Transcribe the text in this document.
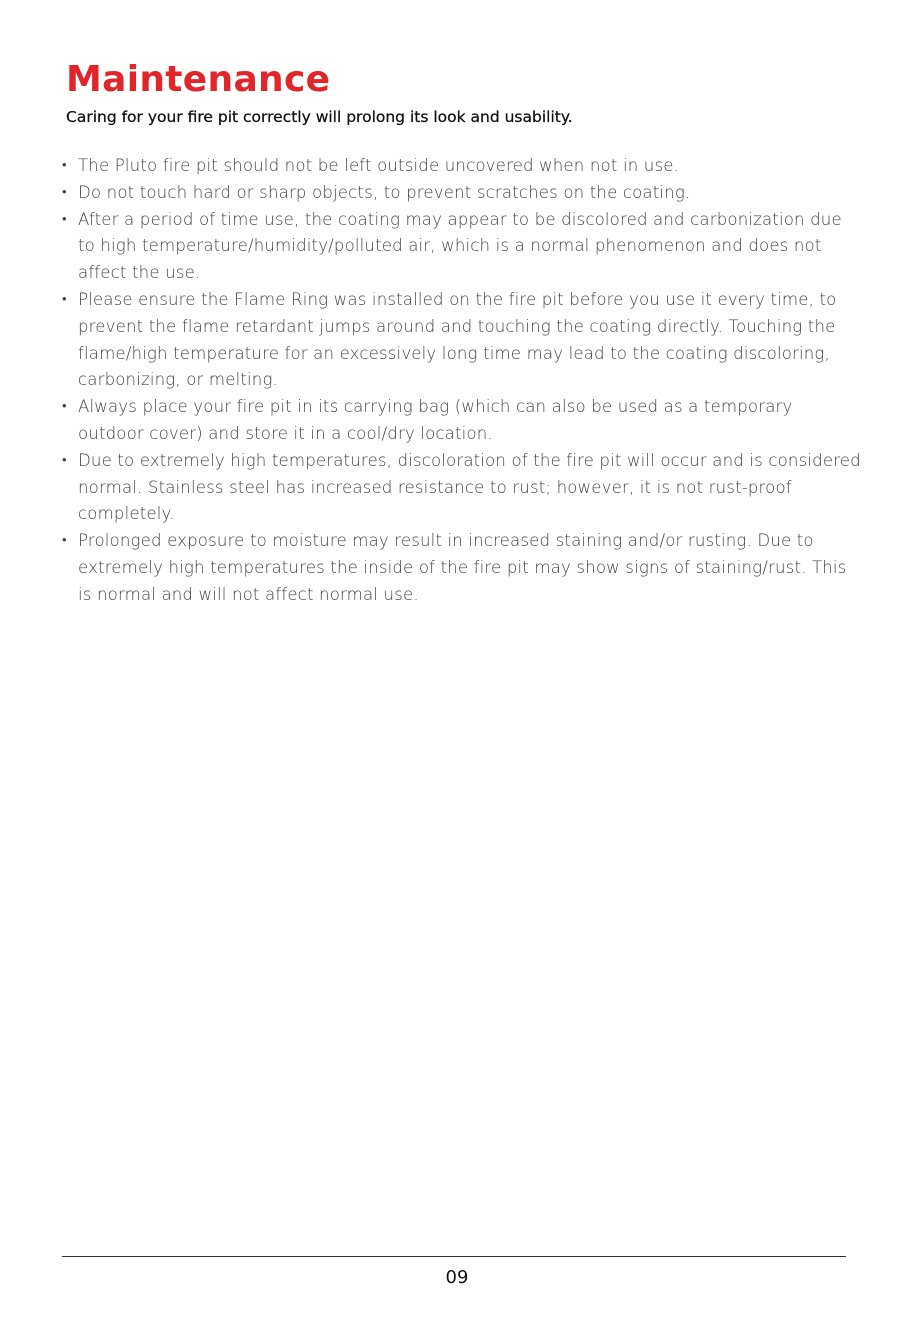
Maintenance

Caring for your fire pit correctly will prolong its look and usability.

• The Pluto fire pit should not be left outside uncovered when not in use.
• Do not touch hard or sharp objects, to prevent scratches on the coating.
• After a period of time use, the coating may appear to be discolored and carbonization due to high temperature/humidity/polluted air, which is a normal phenomenon and does not affect the use.
• Please ensure the Flame Ring was installed on the fire pit before you use it every time, to prevent the flame retardant jumps around and touching the coating directly. Touching the flame/high temperature for an excessively long time may lead to the coating discoloring, carbonizing, or melting.
• Always place your fire pit in its carrying bag (which can also be used as a temporary outdoor cover) and store it in a cool/dry location.
• Due to extremely high temperatures, discoloration of the fire pit will occur and is considered normal. Stainless steel has increased resistance to rust; however, it is not rust-proof completely.
• Prolonged exposure to moisture may result in increased staining and/or rusting. Due to extremely high temperatures the inside of the fire pit may show signs of staining/rust. This is normal and will not affect normal use.
09
